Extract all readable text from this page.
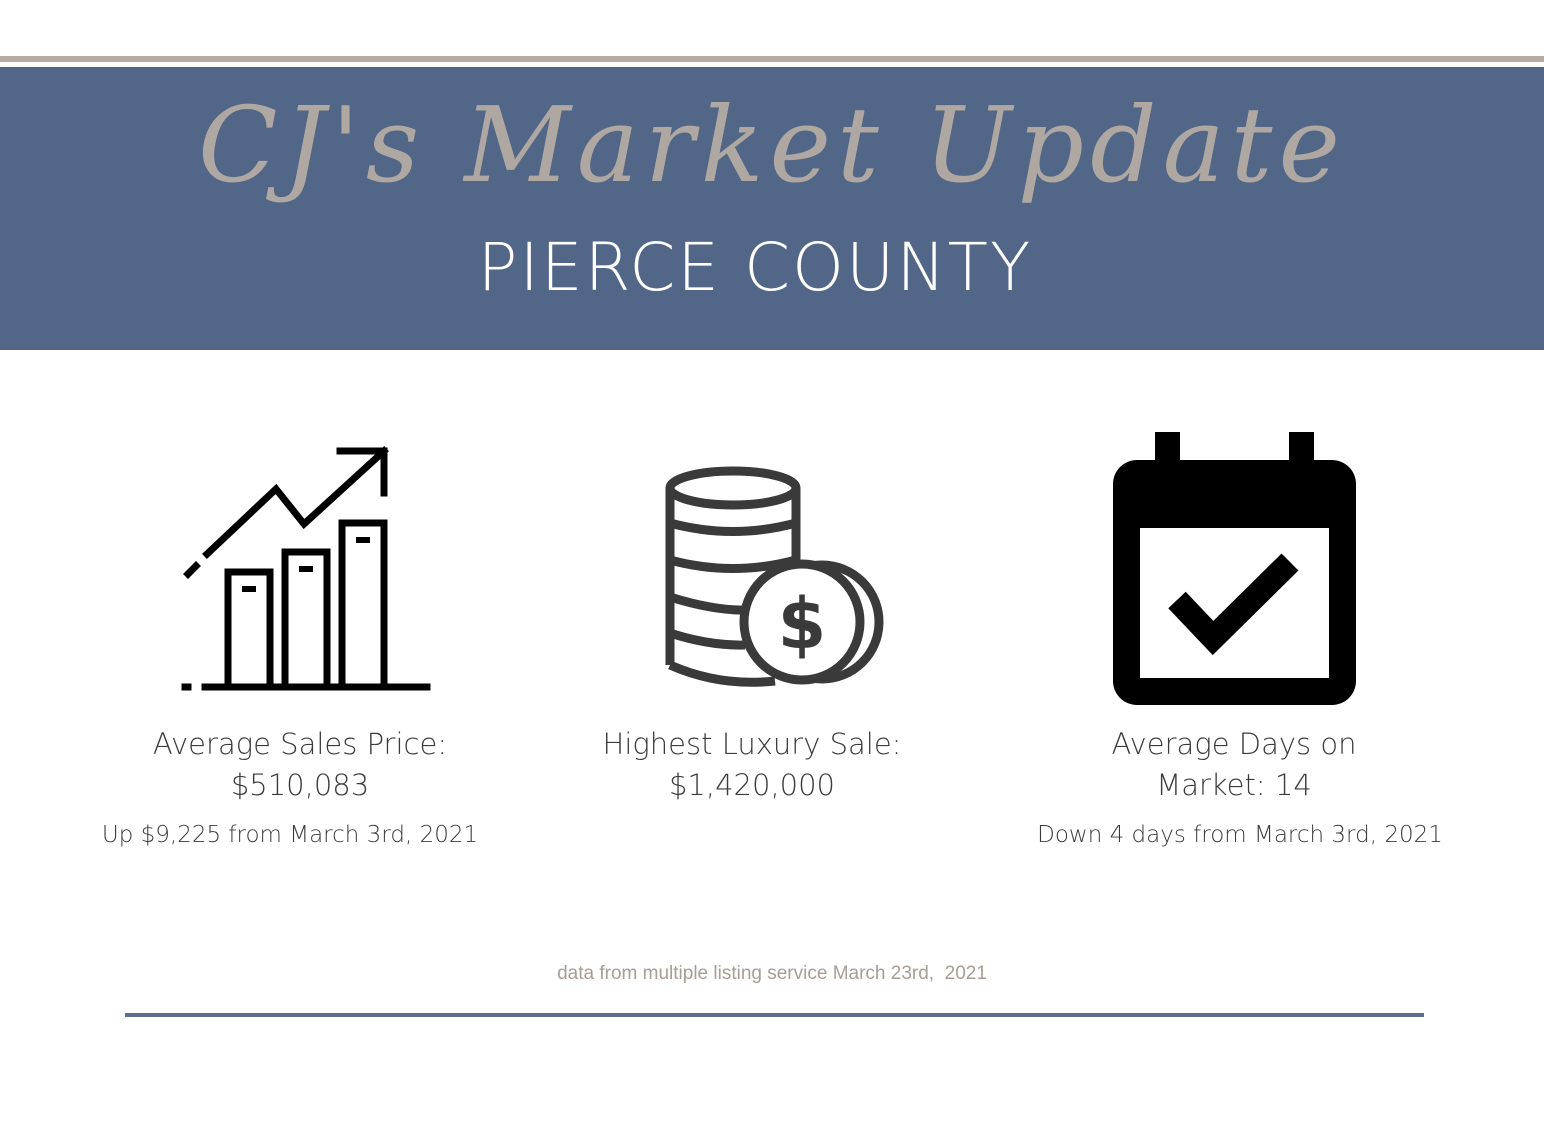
CJ's Market Update
PIERCE COUNTY
$
Average Sales Price:
$510,083
Up $9,225 from March 3rd, 2021
Highest Luxury Sale:
$1,420,000
Average Days on
Market: 14
Down 4 days from March 3rd, 2021
data from multiple listing service March 23rd,  2021
